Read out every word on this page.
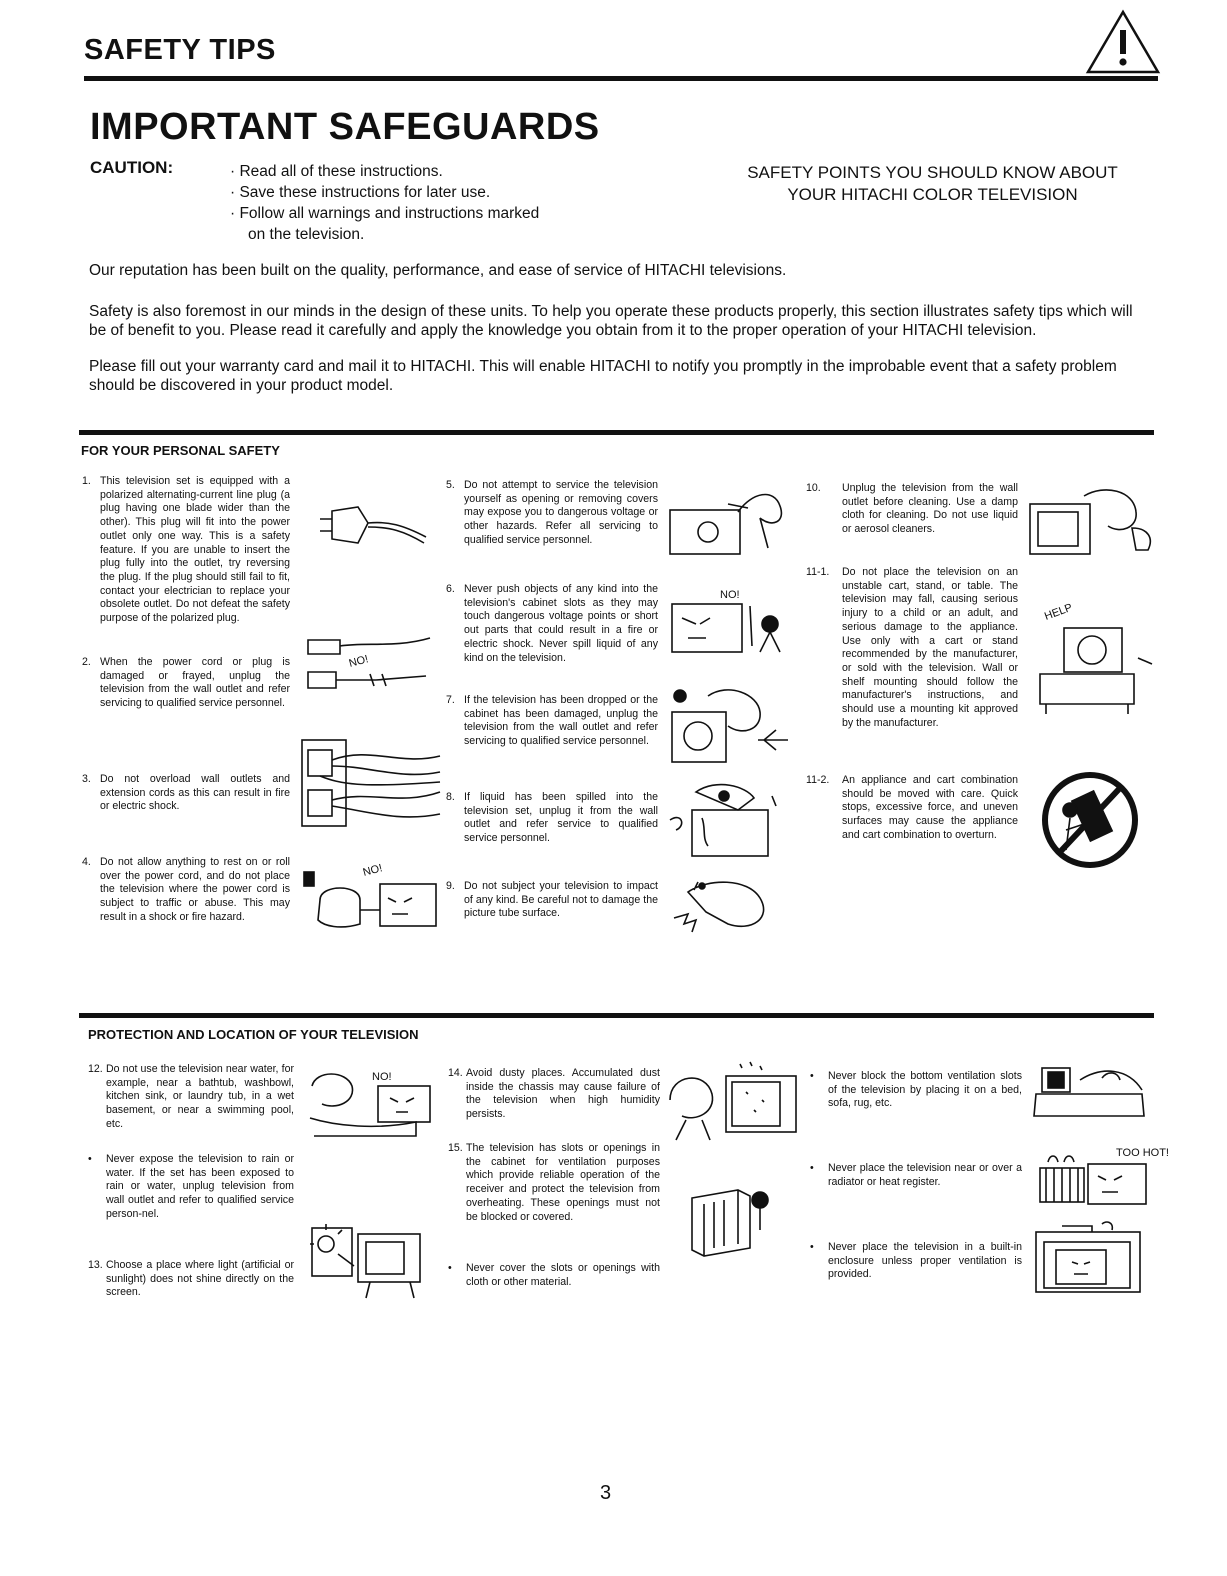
SAFETY TIPS
IMPORTANT SAFEGUARDS
CAUTION:	· Read all of these instructions.
· Save these instructions for later use.
· Follow all warnings and instructions marked
on the television.
SAFETY POINTS YOU SHOULD KNOW ABOUT
YOUR HITACHI COLOR TELEVISION
Our reputation has been built on the quality, performance, and ease of service of HITACHI televisions.
Safety is also foremost in our minds in the design of these units. To help you operate these products properly, this section illustrates safety tips which will be of benefit to you. Please read it carefully and apply the knowledge you obtain from it to the proper operation of your HITACHI television.
Please fill out your warranty card and mail it to HITACHI. This will enable HITACHI to notify you promptly in the improbable event that a safety problem should be discovered in your product model.
FOR YOUR PERSONAL SAFETY
1. This television set is equipped with a polarized alternating-current line plug (a plug having one blade wider than the other). This plug will fit into the power outlet only one way. This is a safety feature. If you are unable to insert the plug fully into the outlet, try reversing the plug. If the plug should still fail to fit, contact your electrician to replace your obsolete outlet. Do not defeat the safety purpose of the polarized plug.
2. When the power cord or plug is damaged or frayed, unplug the television from the wall outlet and refer servicing to qualified service personnel.
3. Do not overload wall outlets and extension cords as this can result in fire or electric shock.
4. Do not allow anything to rest on or roll over the power cord, and do not place the television where the power cord is subject to traffic or abuse. This may result in a shock or fire hazard.
5. Do not attempt to service the television yourself as opening or removing covers may expose you to dangerous voltage or other hazards. Refer all servicing to qualified service personnel.
6. Never push objects of any kind into the television's cabinet slots as they may touch dangerous voltage points or short out parts that could result in a fire or electric shock. Never spill liquid of any kind on the television.
7. If the television has been dropped or the cabinet has been damaged, unplug the television from the wall outlet and refer servicing to qualified service personnel.
8. If liquid has been spilled into the television set, unplug it from the wall outlet and refer service to qualified service personnel.
9. Do not subject your television to impact of any kind. Be careful not to damage the picture tube surface.
10. Unplug the television from the wall outlet before cleaning. Use a damp cloth for cleaning. Do not use liquid or aerosol cleaners.
11-1. Do not place the television on an unstable cart, stand, or table. The television may fall, causing serious injury to a child or an adult, and serious damage to the appliance. Use only with a cart or stand recommended by the manufacturer, or sold with the television. Wall or shelf mounting should follow the manufacturer's instructions, and should use a mounting kit approved by the manufacturer.
11-2. An appliance and cart combination should be moved with care. Quick stops, excessive force, and uneven surfaces may cause the appliance and cart combination to overturn.
NO!
NO!
NO!
HELP
PROTECTION AND LOCATION OF YOUR TELEVISION
12. Do not use the television near water, for example, near a bathtub, washbowl, kitchen sink, or laundry tub, in a wet basement, or near a swimming pool, etc.
• Never expose the television to rain or water. If the set has been exposed to rain or water, unplug television from wall outlet and refer to qualified service person-nel.
13. Choose a place where light (artificial or sunlight) does not shine directly on the screen.
14. Avoid dusty places. Accumulated dust inside the chassis may cause failure of the television when high humidity persists.
15. The television has slots or openings in the cabinet for ventilation purposes which provide reliable operation of the receiver and protect the television from overheating. These openings must not be blocked or covered.
• Never cover the slots or openings with cloth or other material.
• Never block the bottom ventilation slots of the television by placing it on a bed, sofa, rug, etc.
• Never place the television near or over a radiator or heat register.
• Never place the television in a built-in enclosure unless proper ventilation is provided.
NO!
TOO HOT!
3
